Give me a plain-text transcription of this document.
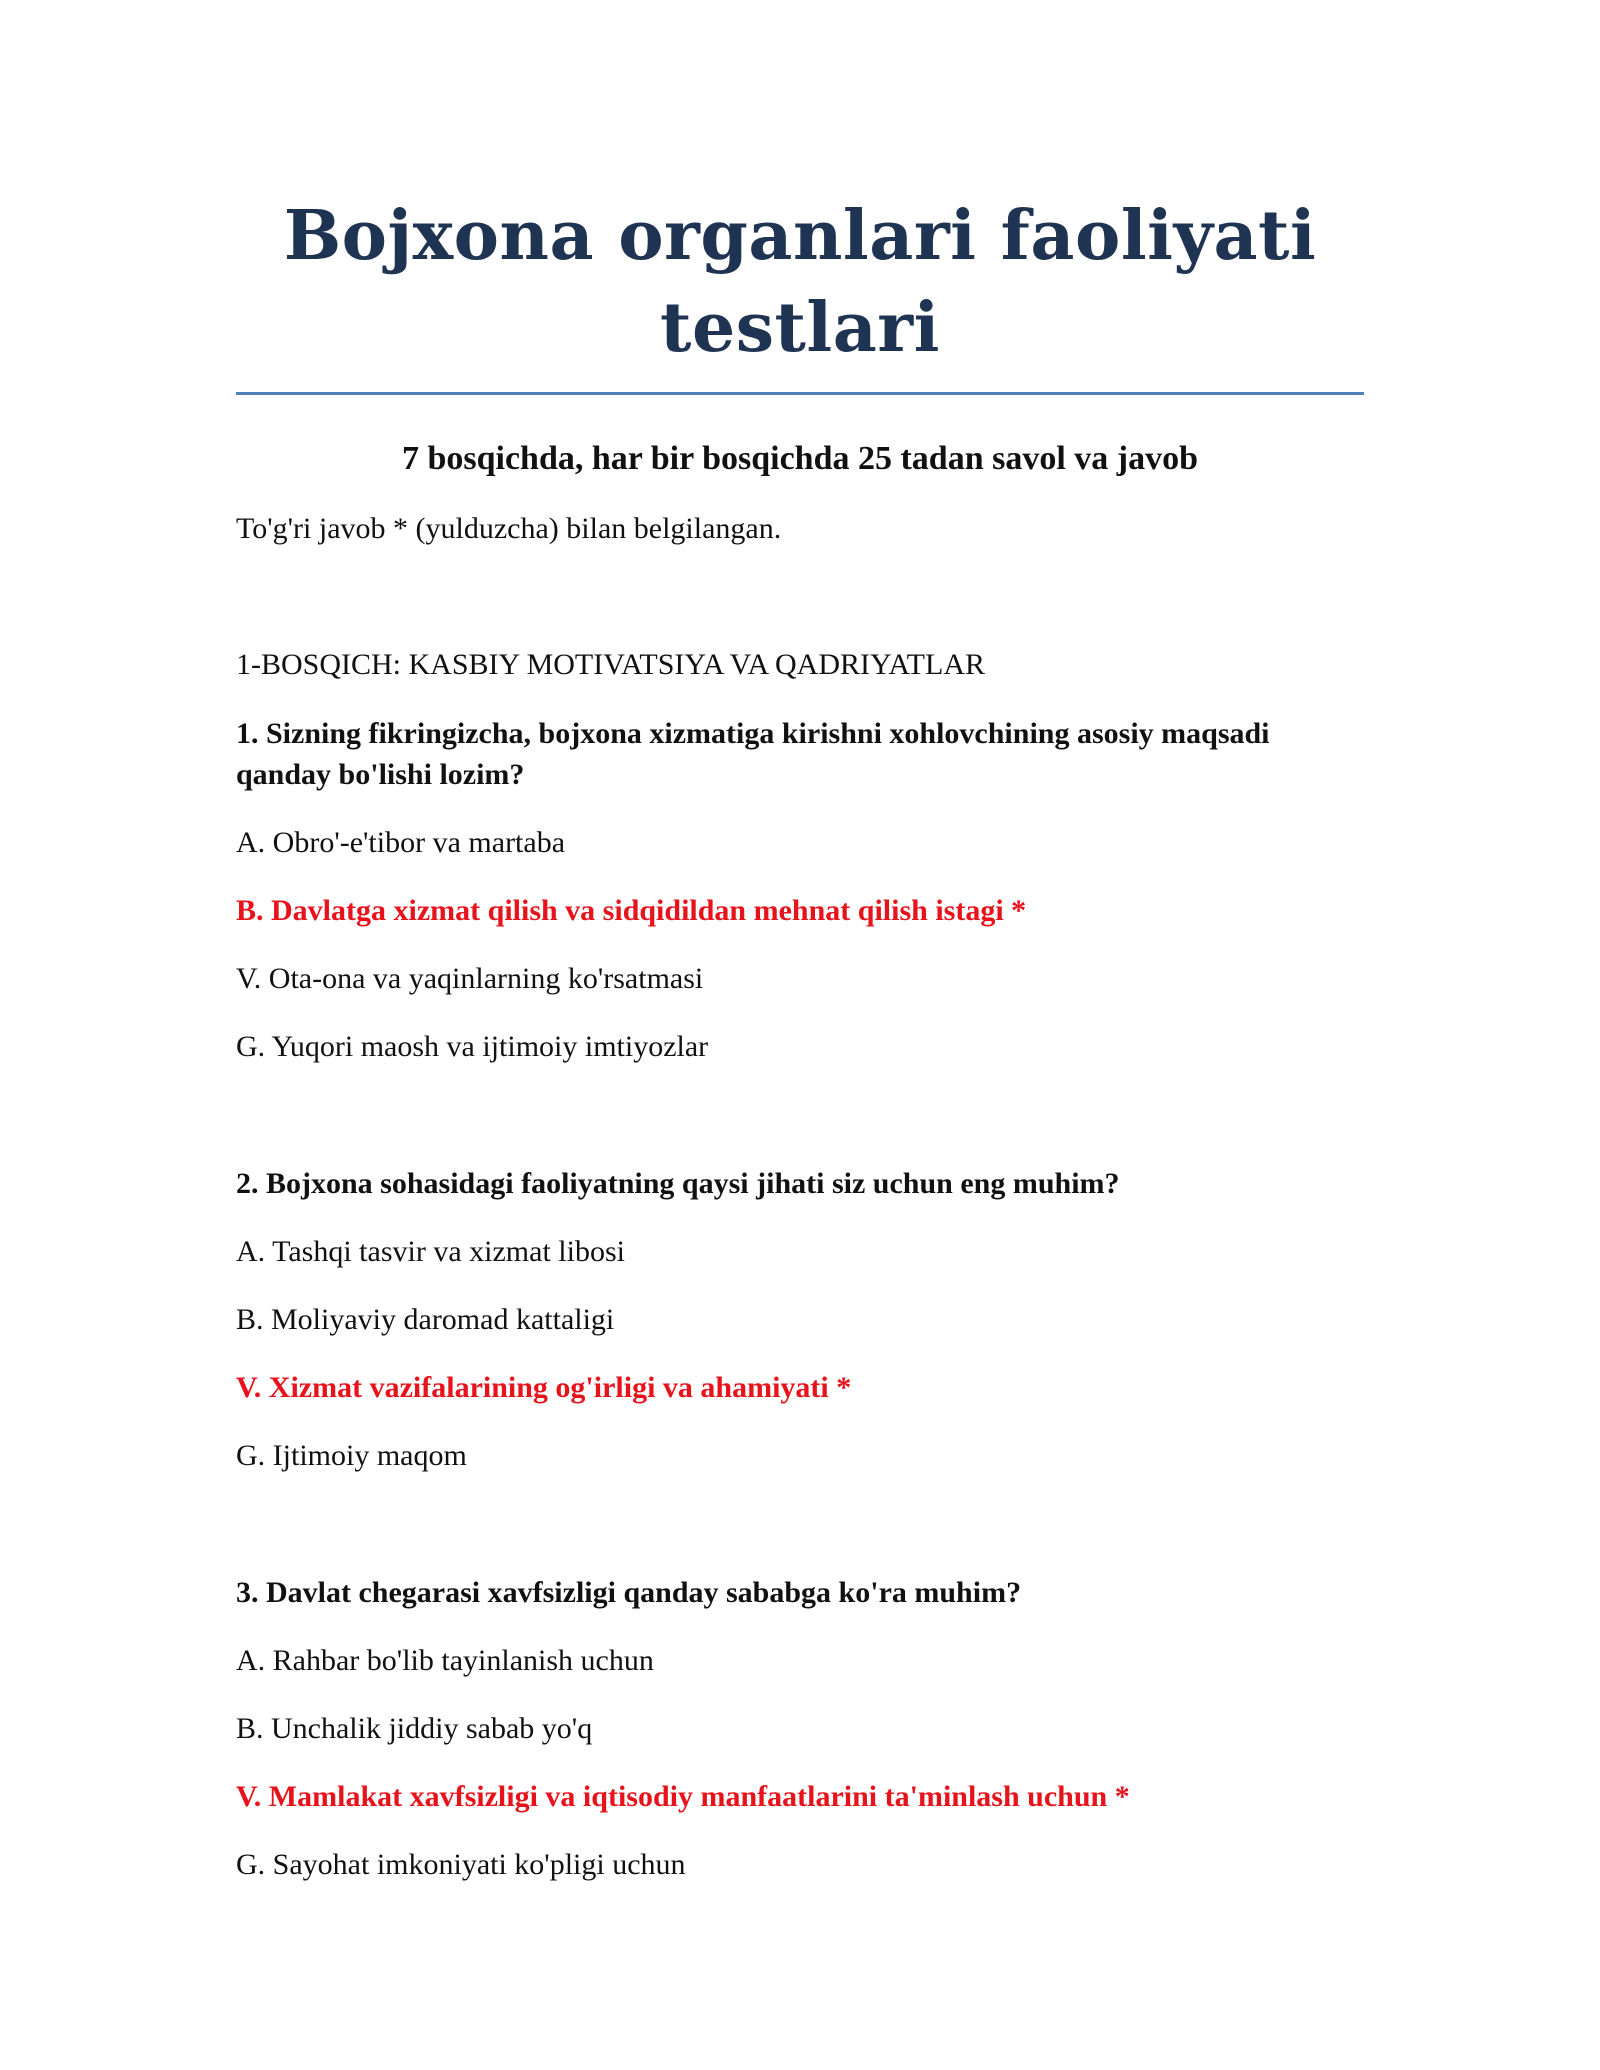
Bojxona organlari faoliyati testlari

7 bosqichda, har bir bosqichda 25 tadan savol va javob

To'g'ri javob * (yulduzcha) bilan belgilangan.

1-BOSQICH: KASBIY MOTIVATSIYA VA QADRIYATLAR

1. Sizning fikringizcha, bojxona xizmatiga kirishni xohlovchining asosiy maqsadi qanday bo'lishi lozim?

A. Obro'-e'tibor va martaba

B. Davlatga xizmat qilish va sidqidildan mehnat qilish istagi *

V. Ota-ona va yaqinlarning ko'rsatmasi

G. Yuqori maosh va ijtimoiy imtiyozlar

2. Bojxona sohasidagi faoliyatning qaysi jihati siz uchun eng muhim?

A. Tashqi tasvir va xizmat libosi

B. Moliyaviy daromad kattaligi

V. Xizmat vazifalarining og'irligi va ahamiyati *

G. Ijtimoiy maqom

3. Davlat chegarasi xavfsizligi qanday sababga ko'ra muhim?

A. Rahbar bo'lib tayinlanish uchun

B. Unchalik jiddiy sabab yo'q

V. Mamlakat xavfsizligi va iqtisodiy manfaatlarini ta'minlash uchun *

G. Sayohat imkoniyati ko'pligi uchun
